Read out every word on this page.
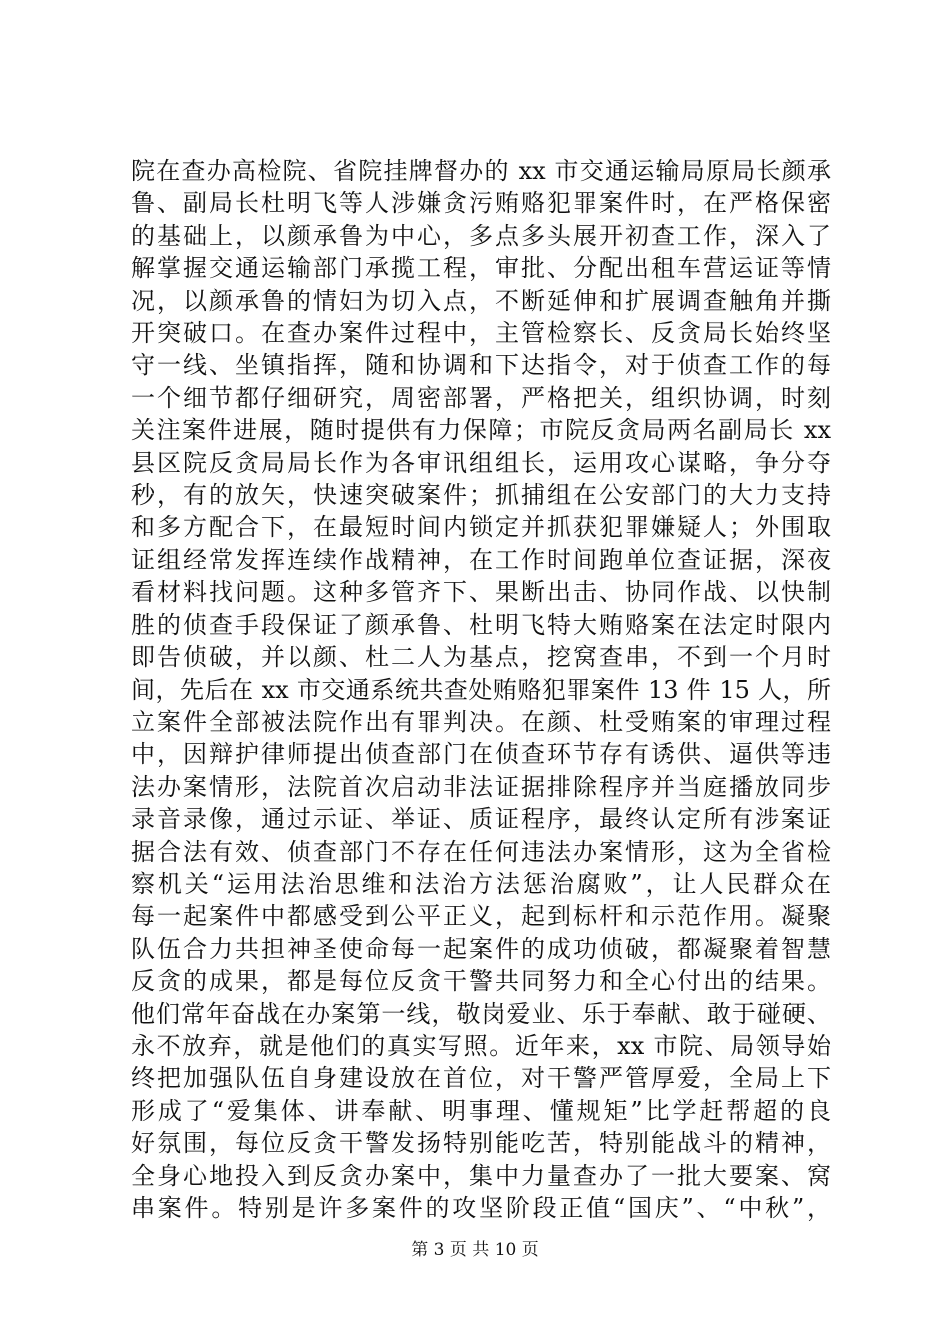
院在查办高检院、省院挂牌督办的 xx 市交通运输局原局长颜承
鲁、副局长杜明飞等人涉嫌贪污贿赂犯罪案件时，在严格保密
的基础上，以颜承鲁为中心，多点多头展开初查工作，深入了
解掌握交通运输部门承揽工程，审批、分配出租车营运证等情
况，以颜承鲁的情妇为切入点，不断延伸和扩展调查触角并撕
开突破口。在查办案件过程中，主管检察长、反贪局长始终坚
守一线、坐镇指挥，随和协调和下达指令，对于侦查工作的每
一个细节都仔细研究，周密部署，严格把关，组织协调，时刻
关注案件进展，随时提供有力保障；市院反贪局两名副局长 xx
县区院反贪局局长作为各审讯组组长，运用攻心谋略，争分夺
秒，有的放矢，快速突破案件；抓捕组在公安部门的大力支持
和多方配合下，在最短时间内锁定并抓获犯罪嫌疑人；外围取
证组经常发挥连续作战精神，在工作时间跑单位查证据，深夜
看材料找问题。这种多管齐下、果断出击、协同作战、以快制
胜的侦查手段保证了颜承鲁、杜明飞特大贿赂案在法定时限内
即告侦破，并以颜、杜二人为基点，挖窝查串，不到一个月时
间，先后在 xx 市交通系统共查处贿赂犯罪案件 13 件 15 人，所
立案件全部被法院作出有罪判决。在颜、杜受贿案的审理过程
中，因辩护律师提出侦查部门在侦查环节存有诱供、逼供等违
法办案情形，法院首次启动非法证据排除程序并当庭播放同步
录音录像，通过示证、举证、质证程序，最终认定所有涉案证
据合法有效、侦查部门不存在任何违法办案情形，这为全省检
察机关“运用法治思维和法治方法惩治腐败”，让人民群众在
每一起案件中都感受到公平正义，起到标杆和示范作用。凝聚
队伍合力共担神圣使命每一起案件的成功侦破，都凝聚着智慧
反贪的成果，都是每位反贪干警共同努力和全心付出的结果。
他们常年奋战在办案第一线，敬岗爱业、乐于奉献、敢于碰硬、
永不放弃，就是他们的真实写照。近年来，xx 市院、局领导始
终把加强队伍自身建设放在首位，对干警严管厚爱，全局上下
形成了“爱集体、讲奉献、明事理、懂规矩”比学赶帮超的良
好氛围，每位反贪干警发扬特别能吃苦，特别能战斗的精神，
全身心地投入到反贪办案中，集中力量查办了一批大要案、窝
串案件。特别是许多案件的攻坚阶段正值“国庆”、“中秋”，
第 3 页 共 10 页
